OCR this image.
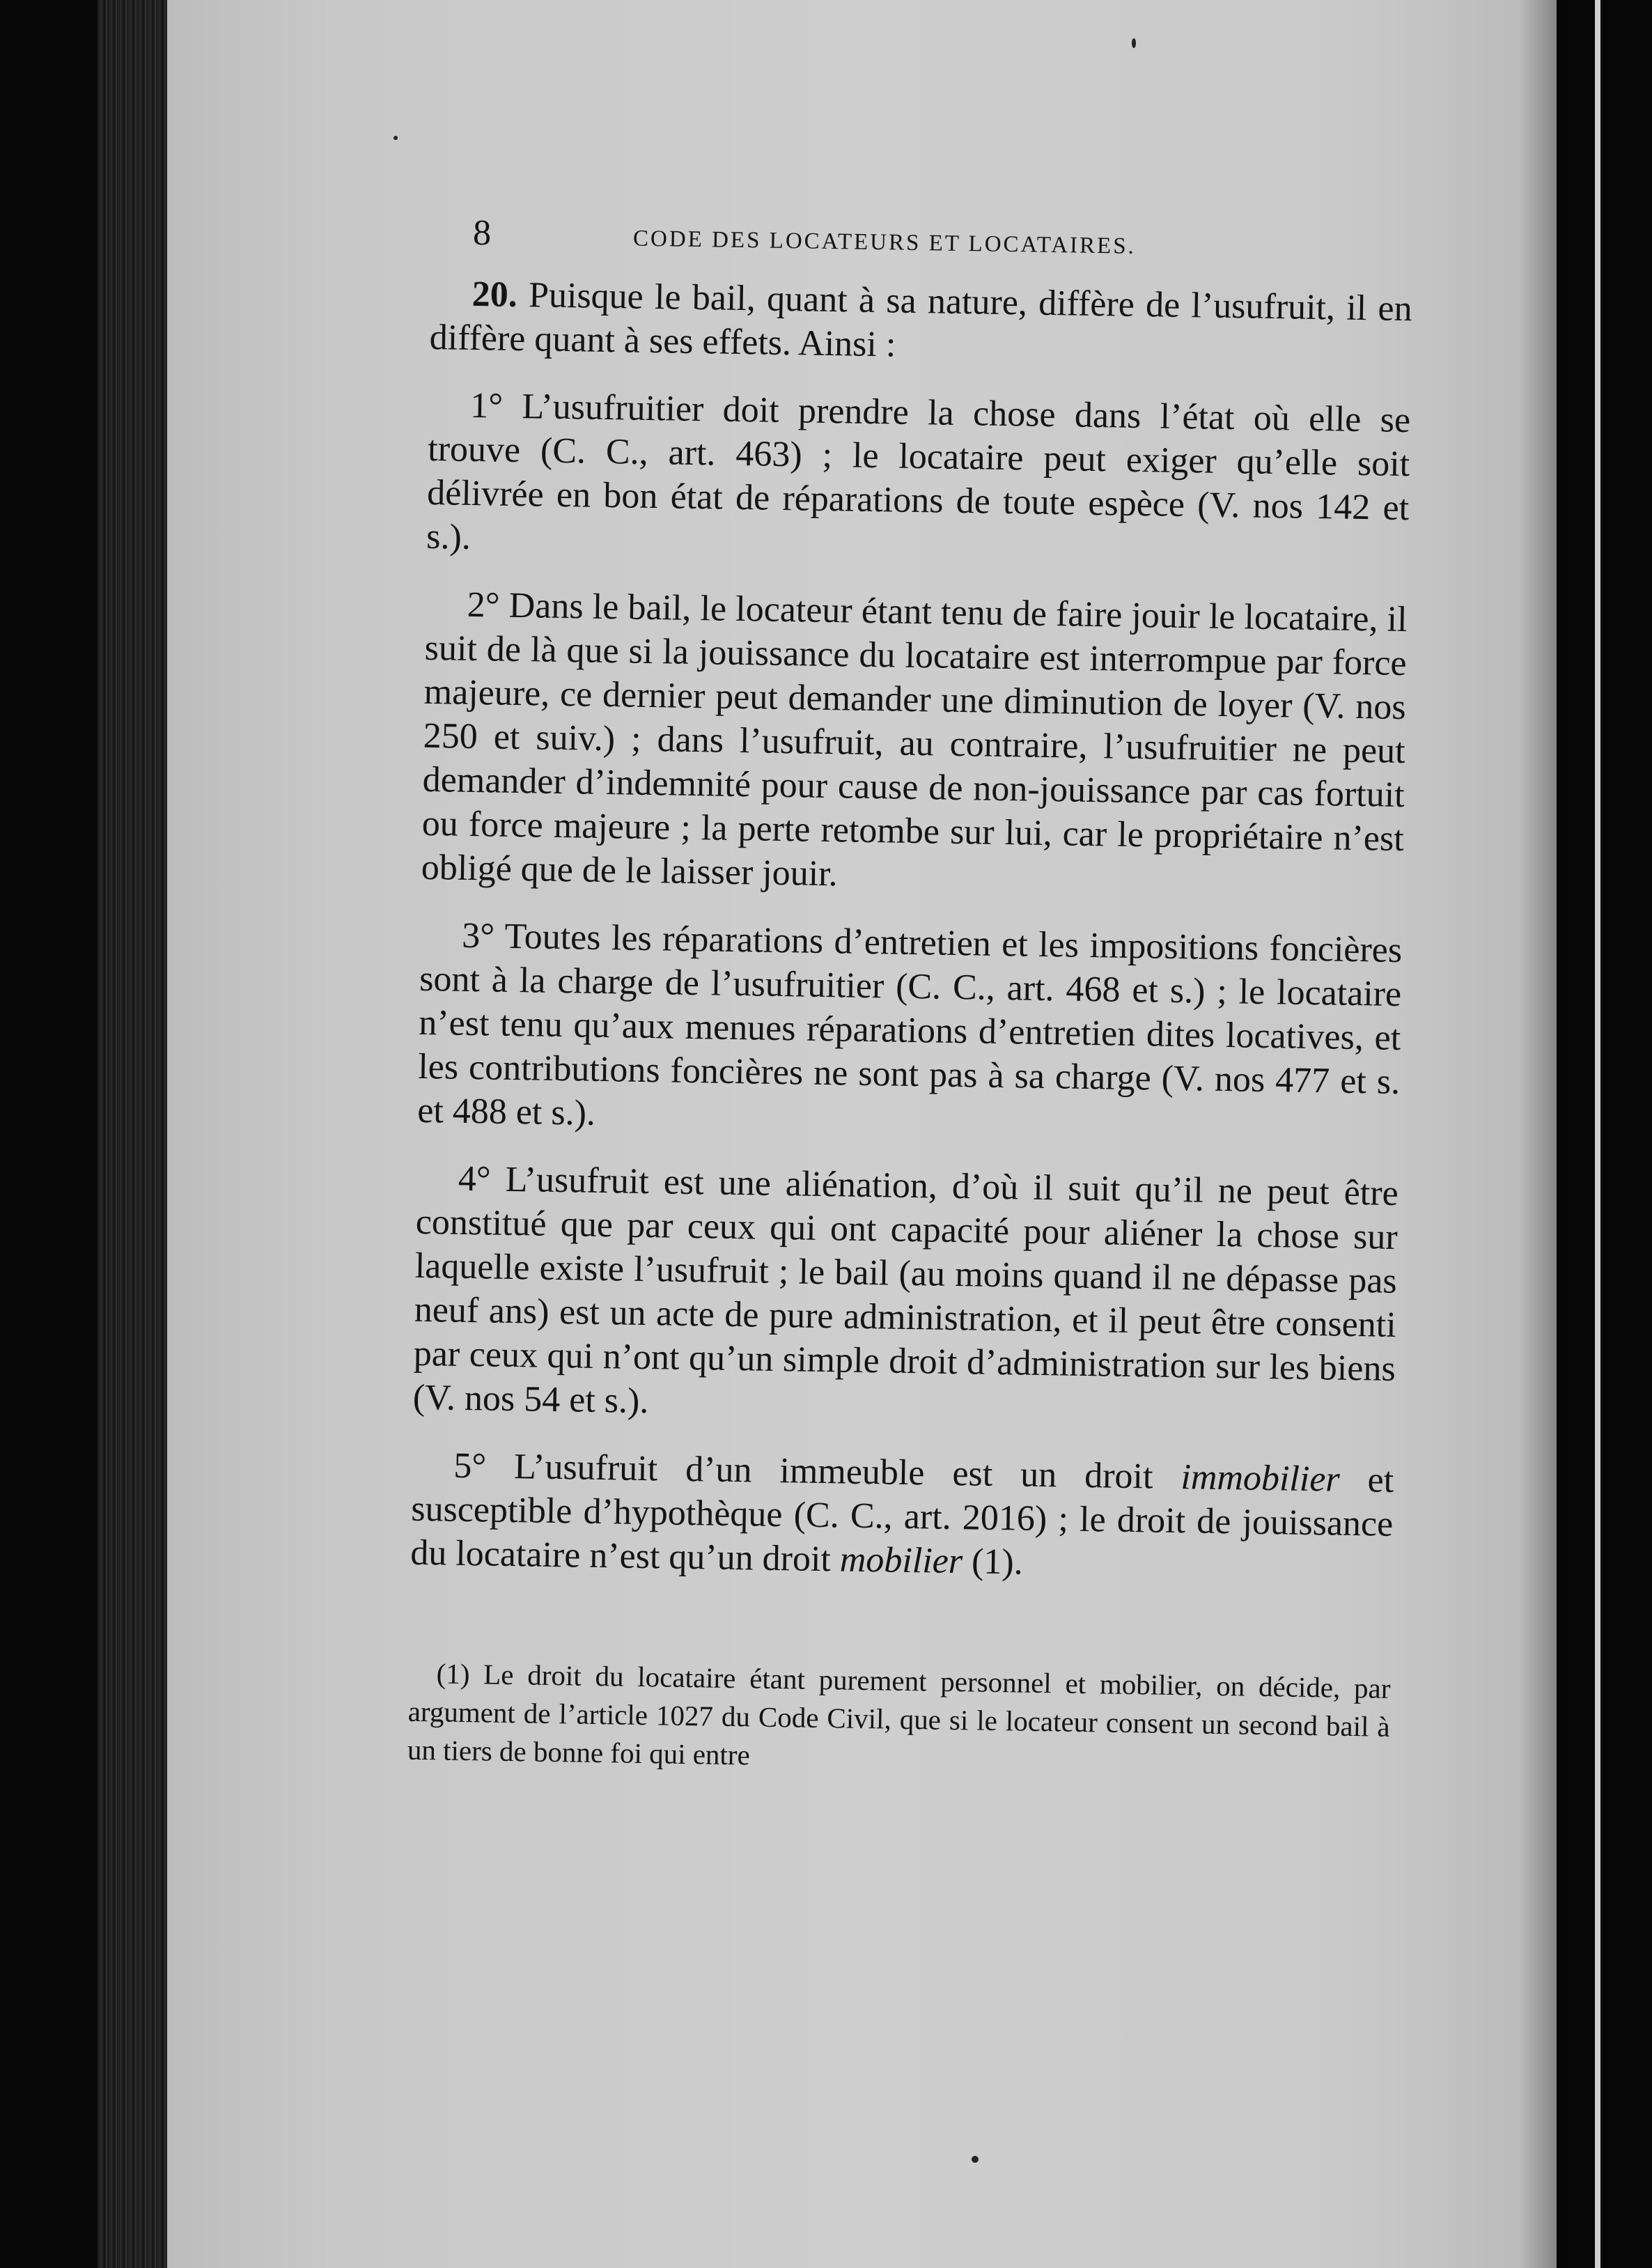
8	CODE DES LOCATEURS ET LOCATAIRES.

20. Puisque le bail, quant à sa nature, diffère de l’usufruit, il en diffère quant à ses effets. Ainsi :

1° L’usufruitier doit prendre la chose dans l’état où elle se trouve (C. C., art. 463) ; le locataire peut exiger qu’elle soit délivrée en bon état de réparations de toute espèce (V. nos 142 et s.).

2° Dans le bail, le locateur étant tenu de faire jouir le locataire, il suit de là que si la jouissance du locataire est interrompue par force majeure, ce dernier peut demander une diminution de loyer (V. nos 250 et suiv.) ; dans l’usufruit, au contraire, l’usufruitier ne peut demander d’indemnité pour cause de non-jouissance par cas fortuit ou force majeure ; la perte retombe sur lui, car le propriétaire n’est obligé que de le laisser jouir.

3° Toutes les réparations d’entretien et les impositions foncières sont à la charge de l’usufruitier (C. C., art. 468 et s.) ; le locataire n’est tenu qu’aux menues réparations d’entretien dites locatives, et les contributions foncières ne sont pas à sa charge (V. nos 477 et s. et 488 et s.).

4° L’usufruit est une aliénation, d’où il suit qu’il ne peut être constitué que par ceux qui ont capacité pour aliéner la chose sur laquelle existe l’usufruit ; le bail (au moins quand il ne dépasse pas neuf ans) est un acte de pure administration, et il peut être consenti par ceux qui n’ont qu’un simple droit d’administration sur les biens (V. nos 54 et s.).

5° L’usufruit d’un immeuble est un droit immobilier et susceptible d’hypothèque (C. C., art. 2016) ; le droit de jouissance du locataire n’est qu’un droit mobilier (1).

(1) Le droit du locataire étant purement personnel et mobilier, on décide, par argument de l’article 1027 du Code Civil, que si le locateur consent un second bail à un tiers de bonne foi qui entre
